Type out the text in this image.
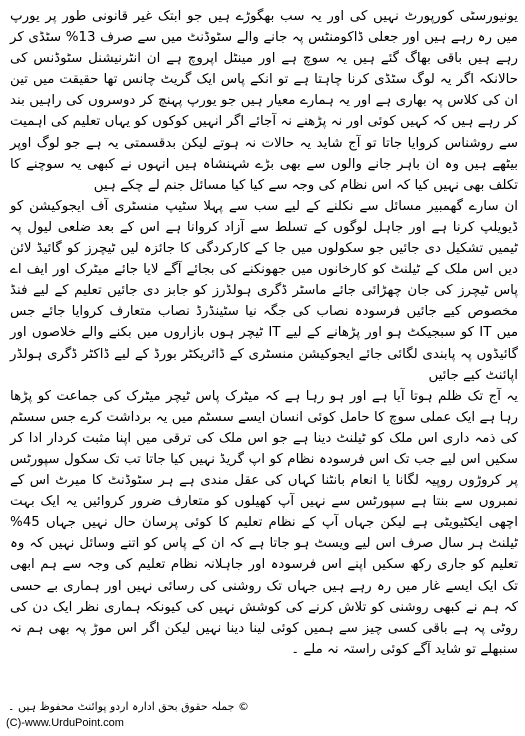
یونیورسٹی کورپورٹ نہیں کی اور یہ سب بھگوڑے ہیں جو ابتک غیر قانونی طور پر یورپ میں رہ رہے ہیں اور جعلی ڈاکومنٹس پہ جانے والے سٹوڈنٹ میں سے صرف 13% سٹڈی کر رہے ہیں باقی بھاگ گئے ہیں یہ سوچ ہے اور مینٹل اپروچ ہے ان انٹرنیشنل سٹوڈنس کی حالانکہ اگر یہ لوگ سٹڈی کرنا چاہتا ہے تو انکے پاس ایک گریٹ چانس تھا حقیقت میں تین ان کی کلاس پہ بھاری ہے اور یہ ہمارے معیار ہیں جو یورپ پہنچ کر دوسروں کی راہیں بند کر رہے ہیں کہ کہیں کوئی اور نہ پڑھنے نہ آجائے اگر انہیں کوکوں کو یہاں تعلیم کی اہمیت سے روشناس کروایا جاتا تو آج شاید یہ حالات نہ ہوتے لیکن بدقسمتی یہ ہے جو لوگ اوپر بیٹھے ہیں وہ ان باہر جانے والوں سے بھی بڑے شہنشاہ ہیں انہوں نے کبھی یہ سوچنے کا تکلف بھی نہیں کیا کہ اس نظام کی وجہ سے کیا کیا مسائل جنم لے چکے ہیں

ان سارے گھمبیر مسائل سے نکلنے کے لیے سب سے پہلا سٹیپ منسٹری آف ایجوکیشن کو ڈیویلپ کرنا ہے اور جاہل لوگوں کے تسلط سے آزاد کروانا ہے اس کے بعد ضلعی لیول پہ ٹیمیں تشکیل دی جائیں جو سکولوں میں جا کے کارکردگی کا جائزہ لیں ٹیچرز کو گائیڈ لائن دیں اس ملک کے ٹیلنٹ کو کارخانوں میں جھونکنے کی بجائے آگے لایا جائے میٹرک اور ایف اے پاس ٹیچرز کی جان چھڑائی جائے ماسٹر ڈگری ہولڈرز کو جابز دی جائیں تعلیم کے لیے فنڈ مخصوص کیے جائیں فرسودہ نصاب کی جگہ نیا سٹینڈرڈ نصاب متعارف کروایا جائے جس میں IT کو سبجیکٹ ہو اور پڑھانے کے لیے IT ٹیچر ہوں بازاروں میں بکنے والے خلاصوں اور گائیڈوں پہ پابندی لگائی جائے ایجوکیشن منسٹری کے ڈائریکٹر بورڈ کے لیے ڈاکٹر ڈگری ہولڈر اپائنٹ کیے جائیں

یہ آج تک ظلم ہوتا آیا ہے اور ہو رہا ہے کہ میٹرک پاس ٹیچر میٹرک کی جماعت کو پڑھا رہا ہے ایک عملی سوچ کا حامل کوئی انسان ایسے سسٹم میں یہ برداشت کرے جس سسٹم کی ذمہ داری اس ملک کو ٹیلنٹ دینا ہے جو اس ملک کی ترقی میں اپنا مثبت کردار ادا کر سکیں اس لیے جب تک اس فرسودہ نظام کو اپ گریڈ نہیں کیا جاتا تب تک سکول سپورٹس پر کروڑوں روپیہ لگانا یا انعام بانٹنا کہاں کی عقل مندی ہے ہر سٹوڈنٹ کا میرٹ اس کے نمبروں سے بنتا ہے سپورٹس سے نہیں آپ کھیلوں کو متعارف ضرور کروائیں یہ ایک بہت اچھی ایکٹیویٹی ہے لیکن جہاں آپ کے نظام تعلیم کا کوئی پرسان حال نہیں جہاں 45% ٹیلنٹ ہر سال صرف اس لیے ویسٹ ہو جاتا ہے کہ ان کے پاس کو اتنے وسائل نہیں کہ وہ تعلیم کو جاری رکھ سکیں اپنے اس فرسودہ اور جاہلانہ نظام تعلیم کی وجہ سے ہم ابھی تک ایک ایسے غار میں رہ رہے ہیں جہاں تک روشنی کی رسائی نہیں اور ہماری بے حسی کہ ہم نے کبھی روشنی کو تلاش کرنے کی کوشش نہیں کی کیونکہ ہماری نظر ایک دن کی روٹی پہ ہے باقی کسی چیز سے ہمیں کوئی لینا دینا نہیں لیکن اگر اس موڑ پہ بھی ہم نہ سنبھلے تو شاید آگے کوئی راستہ نہ ملے ۔

© جملہ حقوق بحق ادارہ اردو پوائنٹ محفوظ ہیں ۔
(C)-www.UrduPoint.com
